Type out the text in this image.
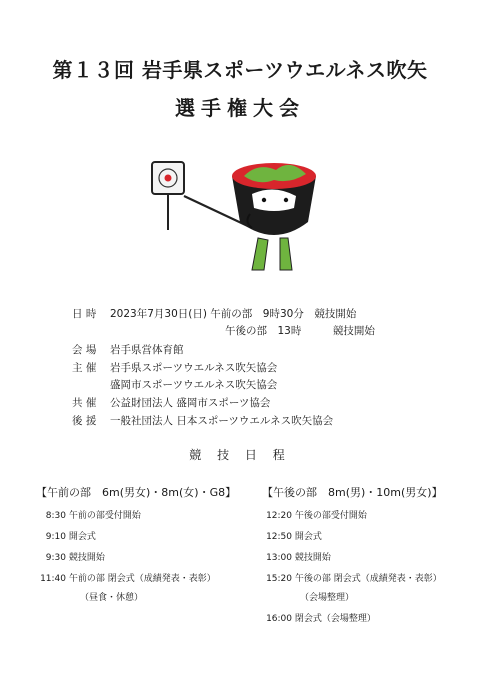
第１３回 岩手県スポーツウエルネス吹矢
選手権大会
日 時	2023年7月30日(日) 午前の部　9時30分　競技開始
午後の部　13時　　　競技開始
会 場	岩手県営体育館
主 催	岩手県スポーツウエルネス吹矢協会
盛岡市スポーツウエルネス吹矢協会
共 催	公益財団法人 盛岡市スポーツ協会
後 援	一般社団法人 日本スポーツウエルネス吹矢協会
競 技 日 程
【午前の部　6m(男女)・8m(女)・G8】
8:30 午前の部受付開始
9:10 開会式
9:30 競技開始
11:40 午前の部 閉会式（成績発表・表彰）
（昼食・休憩）
【午後の部　8m(男)・10m(男女)】
12:20 午後の部受付開始
12:50 開会式
13:00 競技開始
15:20 午後の部 閉会式（成績発表・表彰）
（会場整理）
16:00 閉会式（会場整理）
